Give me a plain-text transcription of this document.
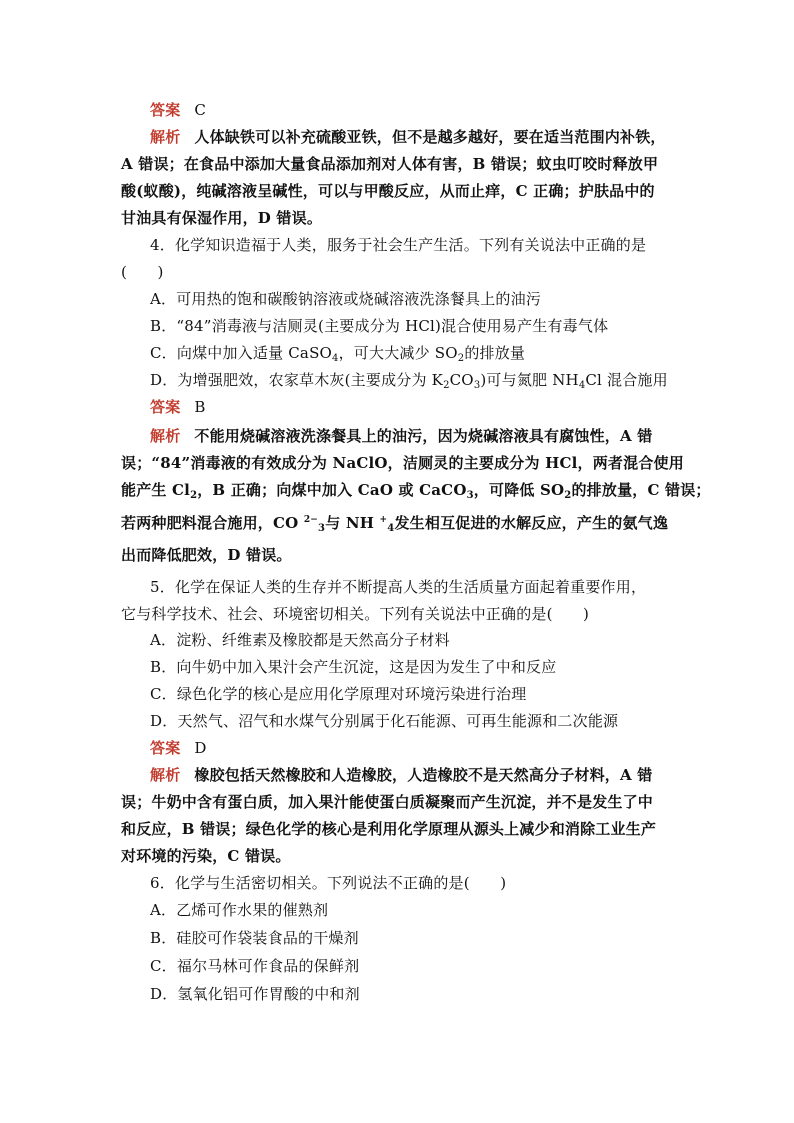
答案 C
解析 人体缺铁可以补充硫酸亚铁，但不是越多越好，要在适当范围内补铁，
A 错误；在食品中添加大量食品添加剂对人体有害，B 错误；蚊虫叮咬时释放甲
酸(蚁酸)，纯碱溶液呈碱性，可以与甲酸反应，从而止痒，C 正确；护肤品中的
甘油具有保湿作用，D 错误。
4．化学知识造福于人类，服务于社会生产生活。下列有关说法中正确的是
(　　)
A．可用热的饱和碳酸钠溶液或烧碱溶液洗涤餐具上的油污
B．“84”消毒液与洁厕灵(主要成分为 HCl)混合使用易产生有毒气体
C．向煤中加入适量 CaSO$_4$，可大大减少 $SO_2$的排放量
D．为增强肥效，农家草木灰(主要成分为 $K_2CO_3$)可与氮肥 $NH_4Cl$ 混合施用
答案 B
解析 不能用烧碱溶液洗涤餐具上的油污，因为烧碱溶液具有腐蚀性，A 错
误；“84”消毒液的有效成分为 NaClO，洁厕灵的主要成分为 HCl，两者混合使用
能产生 $Cl_2$，B 正确；向煤中加入 CaO 或 CaCO$_3$，可降低 $SO_2$的排放量，C 错误；
若两种肥料混合施用，CO $^{2-}_3$与 NH +$_4$发生相互促进的水解反应，产生的氨气逸
出而降低肥效，D 错误。
5．化学在保证人类的生存并不断提高人类的生活质量方面起着重要作用，
它与科学技术、社会、环境密切相关。下列有关说法中正确的是(　　)
A．淀粉、纤维素及橡胶都是天然高分子材料
B．向牛奶中加入果汁会产生沉淀，这是因为发生了中和反应
C．绿色化学的核心是应用化学原理对环境污染进行治理
D．天然气、沼气和水煤气分别属于化石能源、可再生能源和二次能源
答案 D
解析 橡胶包括天然橡胶和人造橡胶，人造橡胶不是天然高分子材料，A 错
误；牛奶中含有蛋白质，加入果汁能使蛋白质凝聚而产生沉淀，并不是发生了中
和反应，B 错误；绿色化学的核心是利用化学原理从源头上减少和消除工业生产
对环境的污染，C 错误。
6．化学与生活密切相关。下列说法不正确的是(　　)
A．乙烯可作水果的催熟剂
B．硅胶可作袋装食品的干燥剂
C．福尔马林可作食品的保鲜剂
D．氢氧化铝可作胃酸的中和剂
